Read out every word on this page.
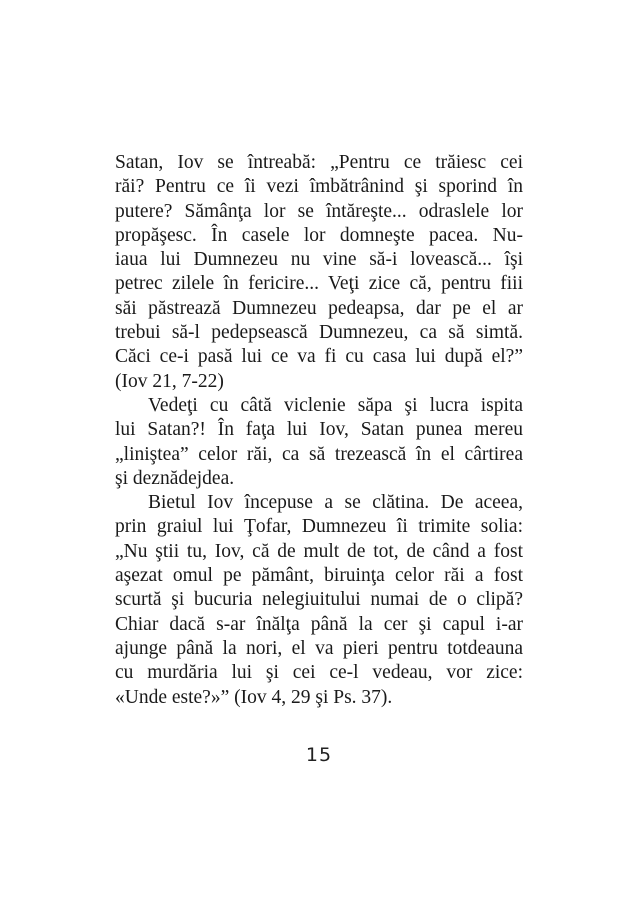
Satan, Iov se întreabă: „Pentru ce trăiesc cei
răi? Pentru ce îi vezi îmbătrânind şi sporind în
putere? Sămânţa lor se întăreşte... odraslele lor
propăşesc. În casele lor domneşte pacea. Nu-
iaua lui Dumnezeu nu vine să-i lovească... îşi
petrec zilele în fericire... Veţi zice că, pentru fiii
săi păstrează Dumnezeu pedeapsa, dar pe el ar
trebui să-l pedepsească Dumnezeu, ca să simtă.
Căci ce-i pasă lui ce va fi cu casa lui după el?”
(Iov 21, 7-22)
Vedeţi cu câtă viclenie săpa şi lucra ispita
lui Satan?! În faţa lui Iov, Satan punea mereu
„liniştea” celor răi, ca să trezească în el cârtirea
şi deznădejdea.
Bietul Iov începuse a se clătina. De aceea,
prin graiul lui Ţofar, Dumnezeu îi trimite solia:
„Nu ştii tu, Iov, că de mult de tot, de când a fost
aşezat omul pe pământ, biruinţa celor răi a fost
scurtă şi bucuria nelegiuitului numai de o clipă?
Chiar dacă s-ar înălţa până la cer şi capul i-ar
ajunge până la nori, el va pieri pentru totdeauna
cu murdăria lui şi cei ce-l vedeau, vor zice:
«Unde este?»” (Iov 4, 29 şi Ps. 37).
15
